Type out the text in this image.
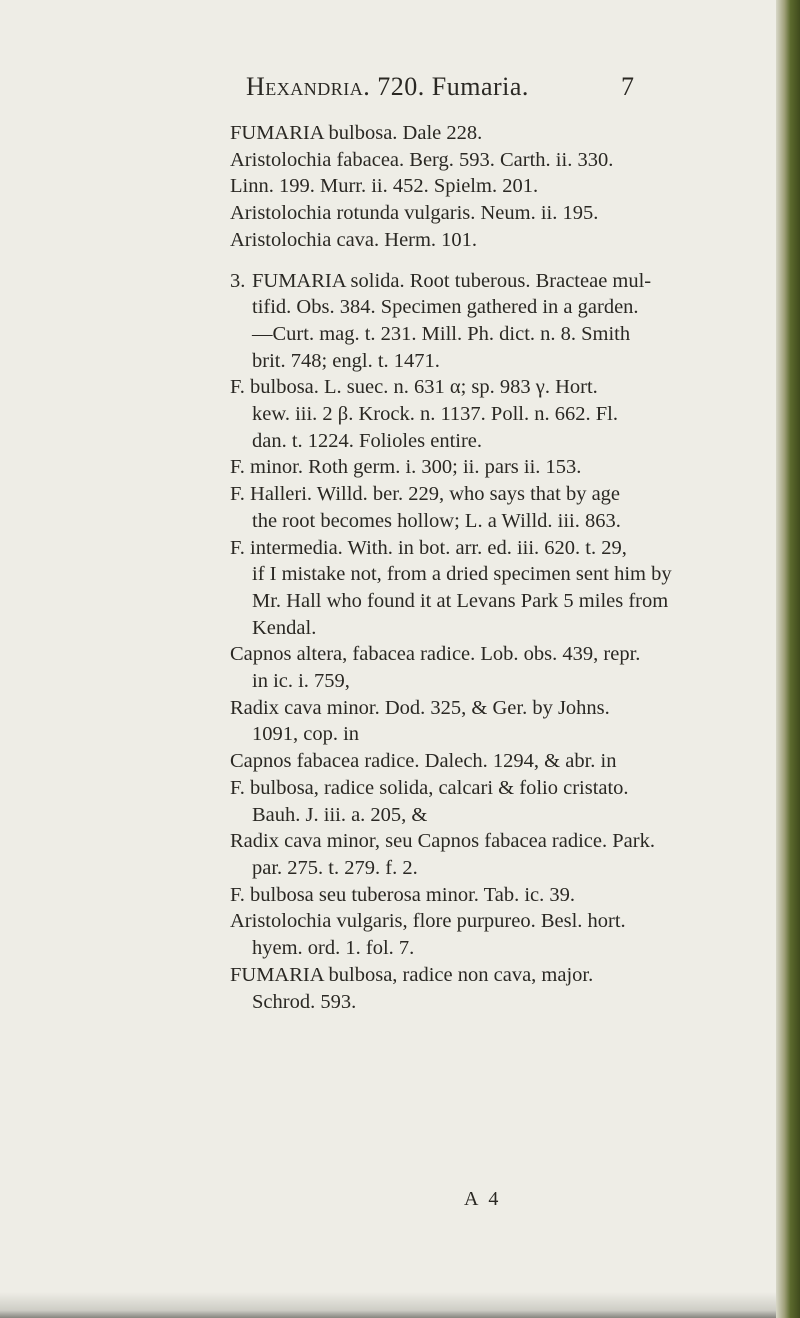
Hexandria. 720. Fumaria.	7
FUMARIA bulbosa. Dale 228.
Aristolochia fabacea. Berg. 593. Carth. ii. 330.
Linn. 199. Murr. ii. 452. Spielm. 201.
Aristolochia rotunda vulgaris. Neum. ii. 195.
Aristolochia cava. Herm. 101.
3. FUMARIA solida. Root tuberous. Bracteae mul-
tifid. Obs. 384. Specimen gathered in a garden.
—Curt. mag. t. 231. Mill. Ph. dict. n. 8. Smith
brit. 748; engl. t. 1471.
F. bulbosa. L. suec. n. 631 α; sp. 983 γ. Hort.
kew. iii. 2 β. Krock. n. 1137. Poll. n. 662. Fl.
dan. t. 1224. Folioles entire.
F. minor. Roth germ. i. 300; ii. pars ii. 153.
F. Halleri. Willd. ber. 229, who says that by age
the root becomes hollow; L. a Willd. iii. 863.
F. intermedia. With. in bot. arr. ed. iii. 620. t. 29,
if I mistake not, from a dried specimen sent him by
Mr. Hall who found it at Levans Park 5 miles from
Kendal.
Capnos altera, fabacea radice. Lob. obs. 439, repr.
in ic. i. 759,
Radix cava minor. Dod. 325, & Ger. by Johns.
1091, cop. in
Capnos fabacea radice. Dalech. 1294, & abr. in
F. bulbosa, radice solida, calcari & folio cristato.
Bauh. J. iii. a. 205, &
Radix cava minor, seu Capnos fabacea radice. Park.
par. 275. t. 279. f. 2.
F. bulbosa seu tuberosa minor. Tab. ic. 39.
Aristolochia vulgaris, flore purpureo. Besl. hort.
hyem. ord. 1. fol. 7.
FUMARIA bulbosa, radice non cava, major.
Schrod. 593.
A 4
